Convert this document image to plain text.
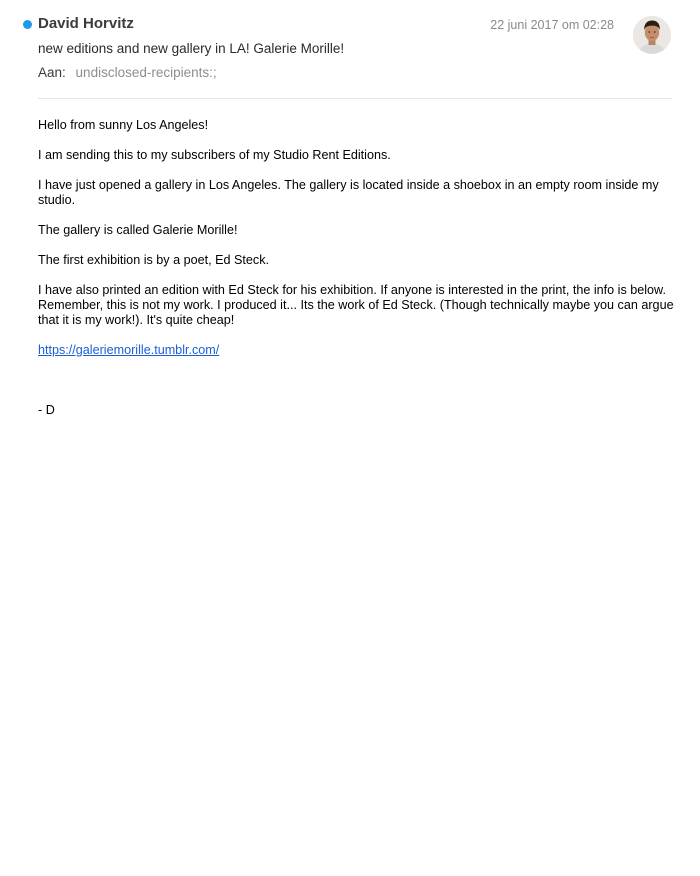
David Horvitz	22 juni 2017 om 02:28
new editions and new gallery in LA! Galerie Morille!
Aan: undisclosed-recipients:;

Hello from sunny Los Angeles!

I am sending this to my subscribers of my Studio Rent Editions.

I have just opened a gallery in Los Angeles. The gallery is located inside a shoebox in an empty room inside my studio.

The gallery is called Galerie Morille!

The first exhibition is by a poet, Ed Steck.

I have also printed an edition with Ed Steck for his exhibition. If anyone is interested in the print, the info is below. Remember, this is not my work. I produced it... Its the work of Ed Steck. (Though technically maybe you can argue that it is my work!). It's quite cheap!

https://galeriemorille.tumblr.com/

- D
